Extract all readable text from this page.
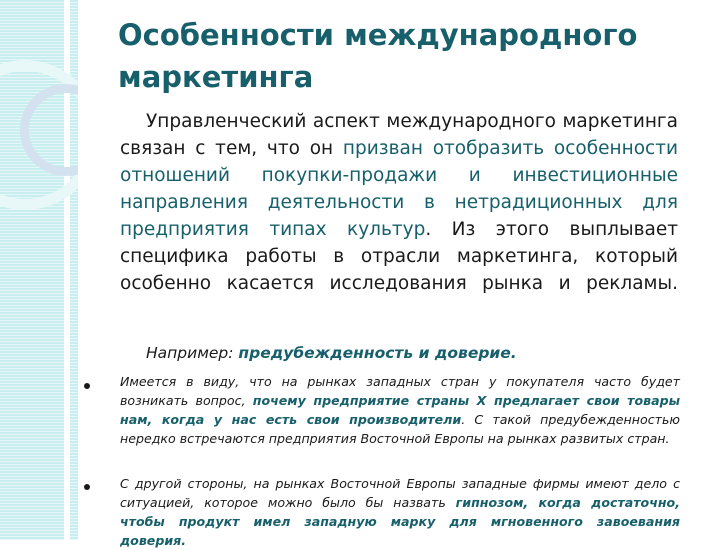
Особенности международного маркетинга

Управленческий аспект международного маркетинга связан с тем, что он призван отобразить особенности отношений покупки-продажи и инвестиционные направления деятельности в нетрадиционных для предприятия типах культур. Из этого выплывает специфика работы в отрасли маркетинга, который особенно касается исследования рынка и рекламы.

Например: предубежденность и доверие.

Имеется в виду, что на рынках западных стран у покупателя часто будет возникать вопрос, почему предприятие страны Х предлагает свои товары нам, когда у нас есть свои производители. С такой предубежденностью нередко встречаются предприятия Восточной Европы на рынках развитых стран.

С другой стороны, на рынках Восточной Европы западные фирмы имеют дело с ситуацией, которое можно было бы назвать гипнозом, когда достаточно, чтобы продукт имел западную марку для мгновенного завоевания доверия.
